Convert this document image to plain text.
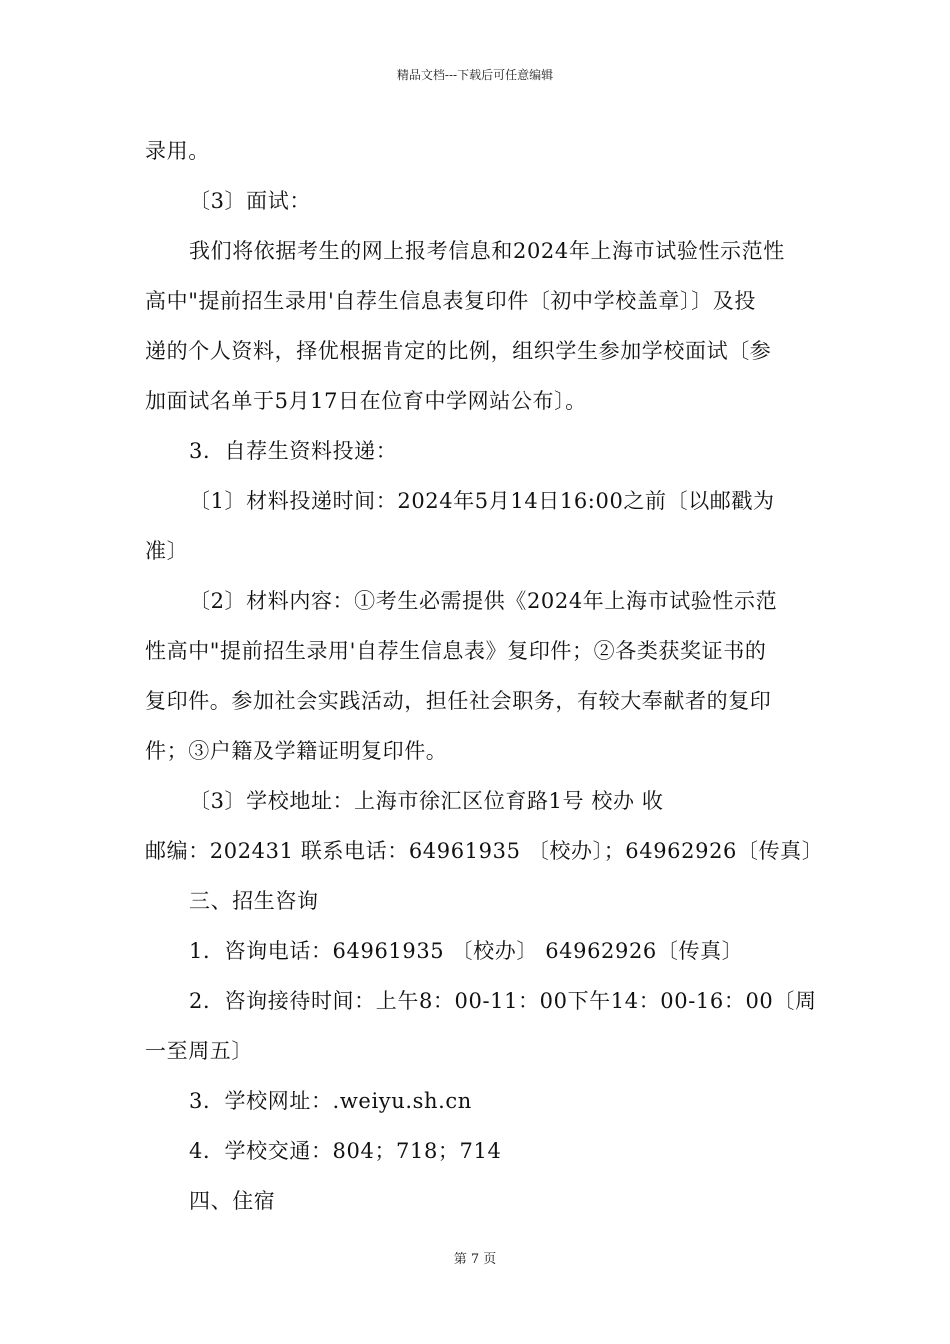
精品文档---下载后可任意编辑
录用。
〔3〕面试：
我们将依据考生的网上报考信息和2024年上海市试验性示范性
高中"提前招生录用'自荐生信息表复印件〔初中学校盖章〕〕及投
递的个人资料，择优根据肯定的比例，组织学生参加学校面试〔参
加面试名单于5月17日在位育中学网站公布〕。
3．自荐生资料投递：
〔1〕材料投递时间：2024年5月14日16:00之前〔以邮戳为
准〕
〔2〕材料内容：①考生必需提供《2024年上海市试验性示范
性高中"提前招生录用'自荐生信息表》复印件；②各类获奖证书的
复印件。参加社会实践活动，担任社会职务，有较大奉献者的复印
件；③户籍及学籍证明复印件。
〔3〕学校地址：上海市徐汇区位育路1号 校办 收
邮编：202431 联系电话：64961935 〔校办〕；64962926〔传真〕
三、招生咨询
1．咨询电话：64961935 〔校办〕 64962926〔传真〕
2．咨询接待时间：上午8：00-11：00下午14：00-16：00〔周
一至周五〕
3．学校网址：.weiyu.sh.cn
4．学校交通：804；718；714
四、住宿
第 7 页
